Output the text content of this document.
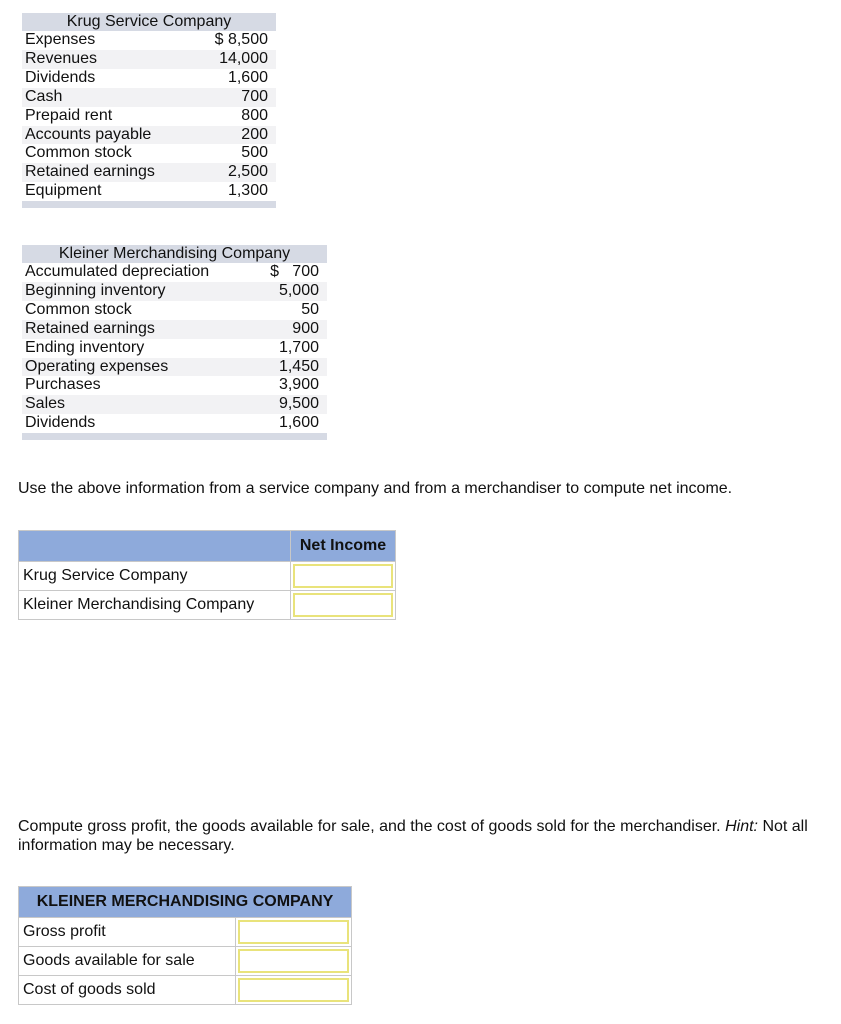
Krug Service Company	
Expenses	$ 8,500
Revenues	14,000
Dividends	1,600
Cash	700
Prepaid rent	800
Accounts payable	200
Common stock	500
Retained earnings	2,500
Equipment	1,300

Kleiner Merchandising Company	
Accumulated depreciation	$   700
Beginning inventory	5,000
Common stock	50
Retained earnings	900
Ending inventory	1,700
Operating expenses	1,450
Purchases	3,900
Sales	9,500
Dividends	1,600

Use the above information from a service company and from a merchandiser to compute net income.
	Net Income
Krug Service Company	
Kleiner Merchandising Company	
Compute gross profit, the goods available for sale, and the cost of goods sold for the merchandiser. Hint: Not all information may be necessary.
KLEINER MERCHANDISING COMPANY	
Gross profit	
Goods available for sale	
Cost of goods sold	
